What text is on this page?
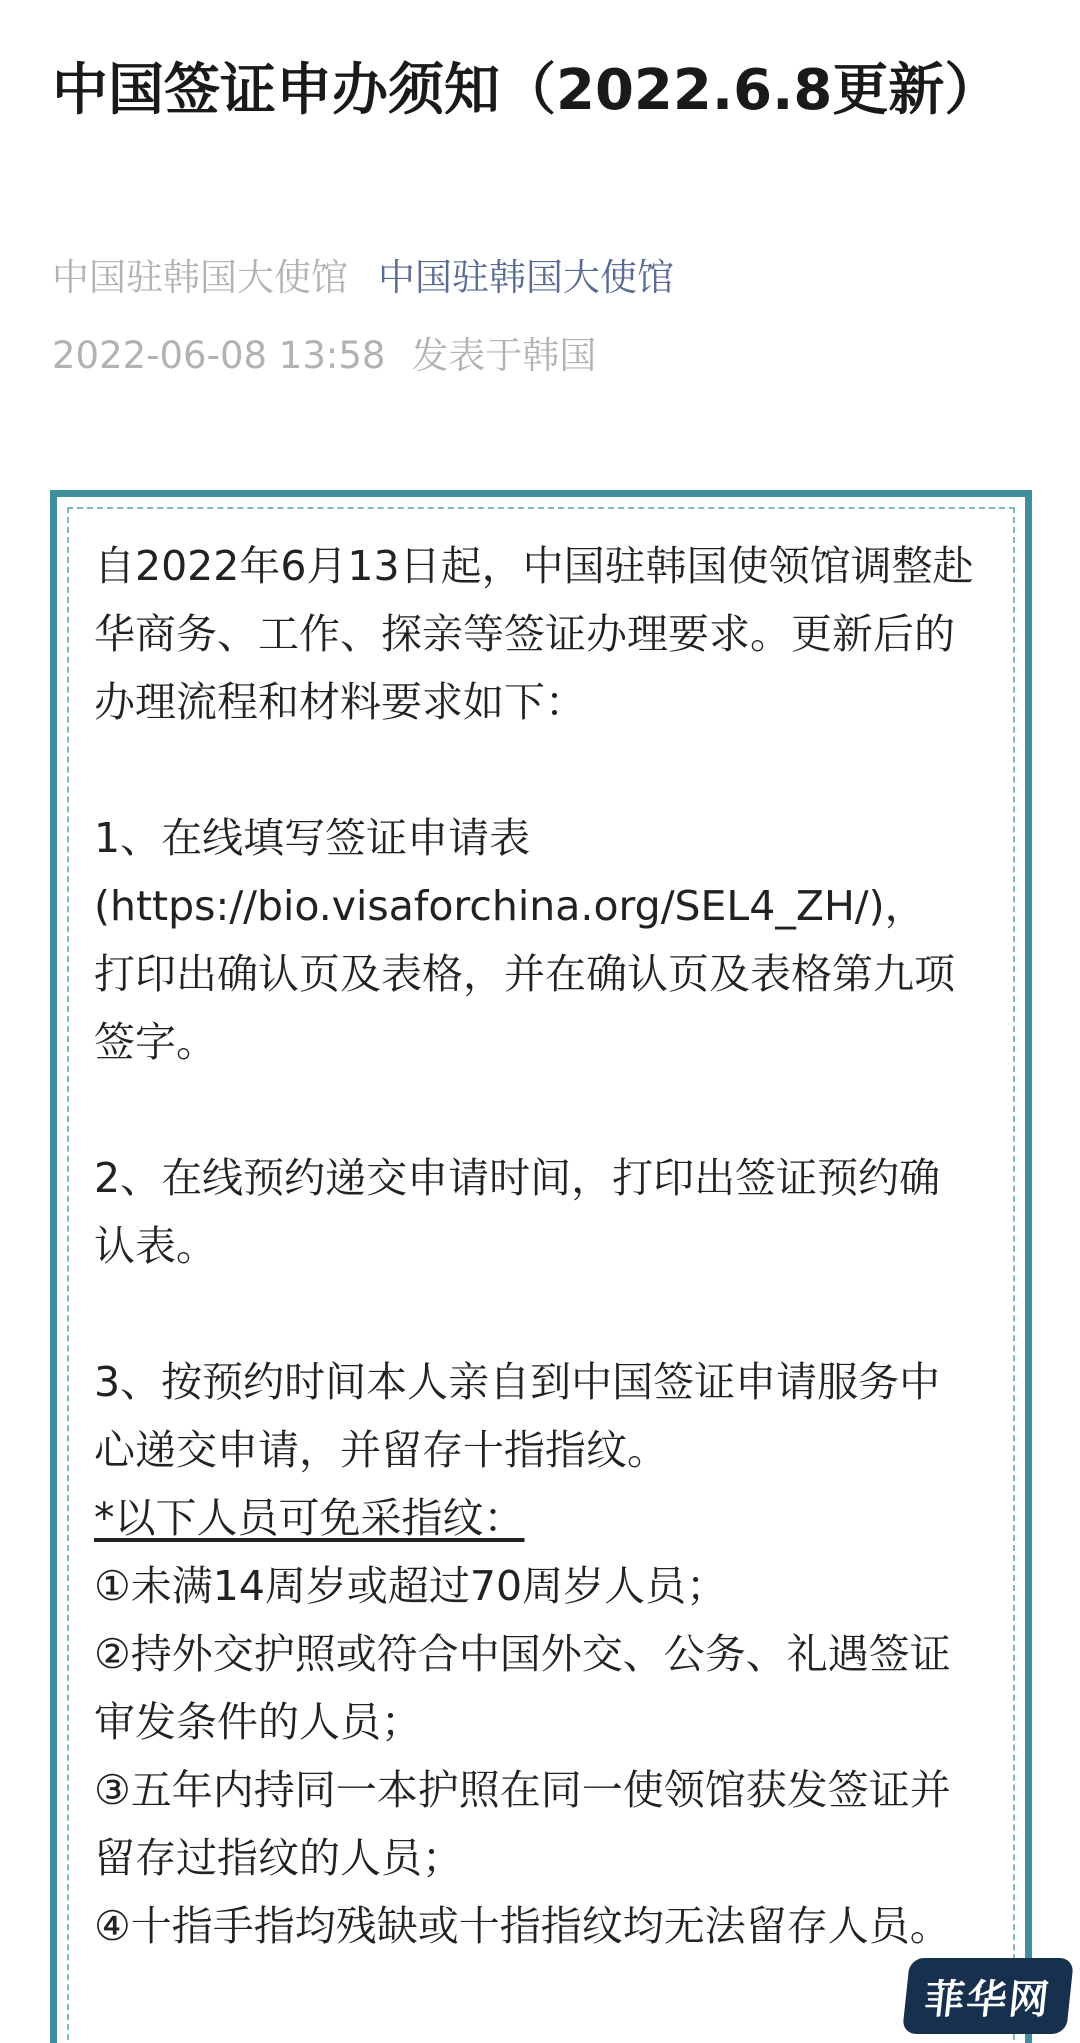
中国签证申办须知（2022.6.8更新）
中国驻韩国大使馆 中国驻韩国大使馆
2022-06-08 13:58 发表于韩国

自2022年6月13日起，中国驻韩国使领馆调整赴华商务、工作、探亲等签证办理要求。更新后的办理流程和材料要求如下：

1、在线填写签证申请表

(https://bio.visaforchina.org/SEL4_ZH/)，

打印出确认页及表格，并在确认页及表格第九项签字。

2、在线预约递交申请时间，打印出签证预约确认表。

3、按预约时间本人亲自到中国签证申请服务中心递交申请，并留存十指指纹。

*以下人员可免采指纹：

①未满14周岁或超过70周岁人员；

②持外交护照或符合中国外交、公务、礼遇签证审发条件的人员；

③五年内持同一本护照在同一使领馆获发签证并留存过指纹的人员；

④十指手指均残缺或十指指纹均无法留存人员。

菲华网
